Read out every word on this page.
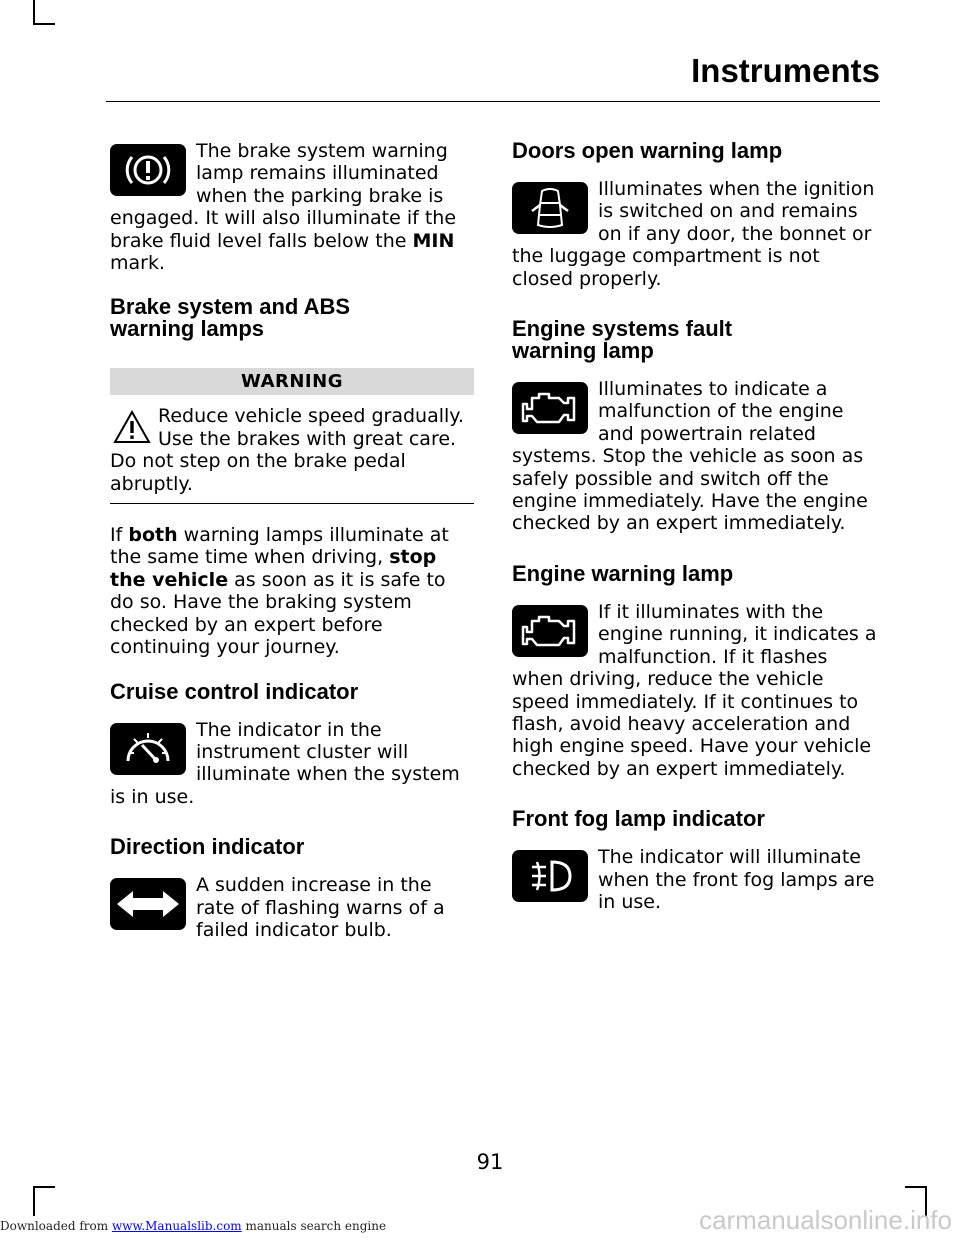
Instruments

The brake system warning lamp remains illuminated when the parking brake is engaged. It will also illuminate if the brake fluid level falls below the MIN mark.

Brake system and ABS warning lamps
WARNING

Reduce vehicle speed gradually. Use the brakes with great care. Do not step on the brake pedal abruptly.

If both warning lamps illuminate at the same time when driving, stop the vehicle as soon as it is safe to do so. Have the braking system checked by an expert before continuing your journey.

Cruise control indicator

The indicator in the instrument cluster will illuminate when the system is in use.

Direction indicator

A sudden increase in the rate of flashing warns of a failed indicator bulb.

Doors open warning lamp

Illuminates when the ignition is switched on and remains on if any door, the bonnet or the luggage compartment is not closed properly.

Engine systems fault warning lamp

Illuminates to indicate a malfunction of the engine and powertrain related systems. Stop the vehicle as soon as safely possible and switch off the engine immediately. Have the engine checked by an expert immediately.

Engine warning lamp

If it illuminates with the engine running, it indicates a malfunction. If it flashes when driving, reduce the vehicle speed immediately. If it continues to flash, avoid heavy acceleration and high engine speed. Have your vehicle checked by an expert immediately.

Front fog lamp indicator

The indicator will illuminate when the front fog lamps are in use.

91
Downloaded from www.Manualslib.com manuals search engine	carmanualsonline.info
